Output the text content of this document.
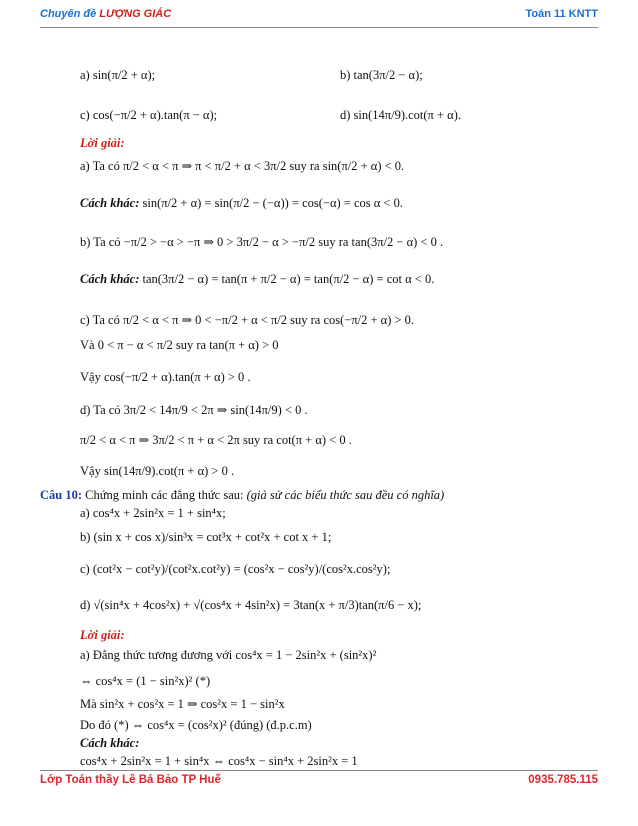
Chuyên đề LƯỢNG GIÁC	Toán 11 KNTT
a) sin(π/2 + α);	b) tan(3π/2 − α);
c) cos(−π/2 + α).tan(π − α);	d) sin(14π/9).cot(π + α).
Lời giải:
a) Ta có π/2 < α < π ⇒ π < π/2 + α < 3π/2 suy ra sin(π/2 + α) < 0.
Cách khác: sin(π/2 + α) = sin(π/2 − (−α)) = cos(−α) = cos α < 0.
b) Ta có −π/2 > −α > −π ⇒ 0 > 3π/2 − α > −π/2 suy ra tan(3π/2 − α) < 0 .
Cách khác: tan(3π/2 − α) = tan(π + π/2 − α) = tan(π/2 − α) = cot α < 0.
c) Ta có π/2 < α < π ⇒ 0 < −π/2 + α < π/2 suy ra cos(−π/2 + α) > 0.
Và 0 < π − α < π/2 suy ra tan(π + α) > 0
Vậy cos(−π/2 + α).tan(π + α) > 0 .
d) Ta có 3π/2 < 14π/9 < 2π ⇒ sin(14π/9) < 0 .
π/2 < α < π ⇒ 3π/2 < π + α < 2π suy ra cot(π + α) < 0 .
Vậy sin(14π/9).cot(π + α) > 0 .
Câu 10: Chứng minh các đẳng thức sau: (giả sử các biểu thức sau đều có nghĩa)
a) cos⁴x + 2sin²x = 1 + sin⁴x;
b) (sin x + cos x)/sin³x = cot³x + cot²x + cot x + 1;
c) (cot²x − cot²y)/(cot²x.cot²y) = (cos²x − cos²y)/(cos²x.cos²y);
d) √(sin⁴x + 4cos²x) + √(cos⁴x + 4sin²x) = 3tan(x + π/3)tan(π/6 − x);
Lời giải:
a) Đẳng thức tương đương với cos⁴x = 1 − 2sin²x + (sin²x)²
⇔ cos⁴x = (1 − sin²x)² (*)
Mà sin²x + cos²x = 1 ⇒ cos²x = 1 − sin²x
Do đó (*) ⇔ cos⁴x = (cos²x)² (đúng) (đ.p.c.m)
Cách khác:
cos⁴x + 2sin²x = 1 + sin⁴x ⇔ cos⁴x − sin⁴x + 2sin²x = 1
Lớp Toán thầy Lê Bá Bảo TP Huế	0935.785.115
